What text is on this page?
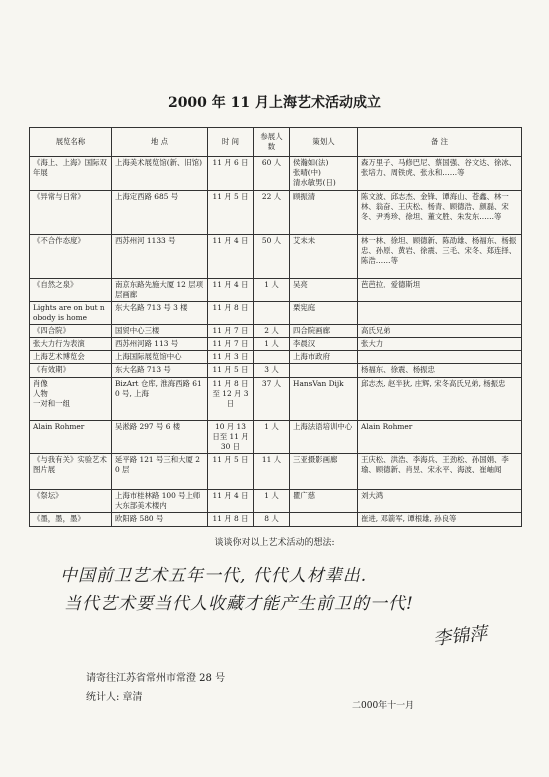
2000 年 11 月上海艺术活动成立
展览名称	地 点	时 间	参展人数	策划人	备 注
《海上、上海》国际双年展	上海美术展览馆(新、旧馆)	11 月 6 日	60 人	侯瀚如(法)
张晴(中)
清水敏男(日)	森万里子、马修巴尼、蔡国强、谷文达、徐冰、张培力、周铁虎、张永和……等
《异常与日常》	上海定西路 685 号	11 月 5 日	22 人	顾振清	陈文波、邱志杰、金锋、谭海山、苍鑫、林一林、翁奋、王庆松、杨青、顾德浩、颜磊、宋冬、尹秀珍、徐坦、董文胜、朱发东……等
《不合作态度》	西苏州河 1133 号	11 月 4 日	50 人	艾未未	林一林、徐坦、顾德新、陈劭雄、杨福东、杨振忠、孙原、黄岩、徐震、三毛、宋冬、郑连择、陈浩……等
《自然之泉》	南京东路先施大厦 12 层项层画廊	11 月 4 日	1 人	吴亮	芭芭拉．爱德斯坦
Lights are on but nobody is home	东大名路 713 号 3 楼	11 月 8 日		栗宪庭	
《四合院》	国贸中心三楼	11 月 7 日	2 人	四合院画廊	高氏兄弟
张大力行为表演	西苏州河路 113 号	11 月 7 日	1 人	李晨汉	张大力
上海艺术博览会	上海国际展览馆中心	11 月 3 日		上海市政府	
《有效期》	东大名路 713 号	11 月 5 日	3 人		杨福东、徐震、杨振忠
肖像
人物
一对和一组	BizArt 仓库, 淮海西路 610 号, 上海	11 月 8 日至 12 月 3 日	37 人	HansVan Dijk	邱志杰, 赵半狄, 庄辉, 宋冬高氏兄弟, 杨振忠
Alain Rohmer	吴淞路 297 号 6 楼	10 月 13 日至 11 月 30 日	1 人	上海法语培训中心	Alain Rohmer
《与我有关》实验艺术图片展	延平路 121 号三和大厦 20 层	11 月 5 日	11 人	三亚摄影画廊	王庆松、洪浩、李海兵、王劲松、孙国娟、李瑜、顾德新、肖昱、宋永平、海波、崔岫闻
《祭坛》	上海市桂林路 100 号上师大东部美术楼内	11 月 4 日	1 人	瞿广慈	刘大鸿
《墨，墨，墨》	欧阳路 580 号	11 月 8 日	8 人		崔进, 邓箭军, 谭根雄, 孙良等
谈谈你对以上艺术活动的想法:
中国前卫艺术五年一代, 代代人材辈出.
当代艺术要当代人收藏才能产生前卫的一代!
李锦萍
请寄往江苏省常州市常澄 28 号
统计人: 章清
二000年十一月
